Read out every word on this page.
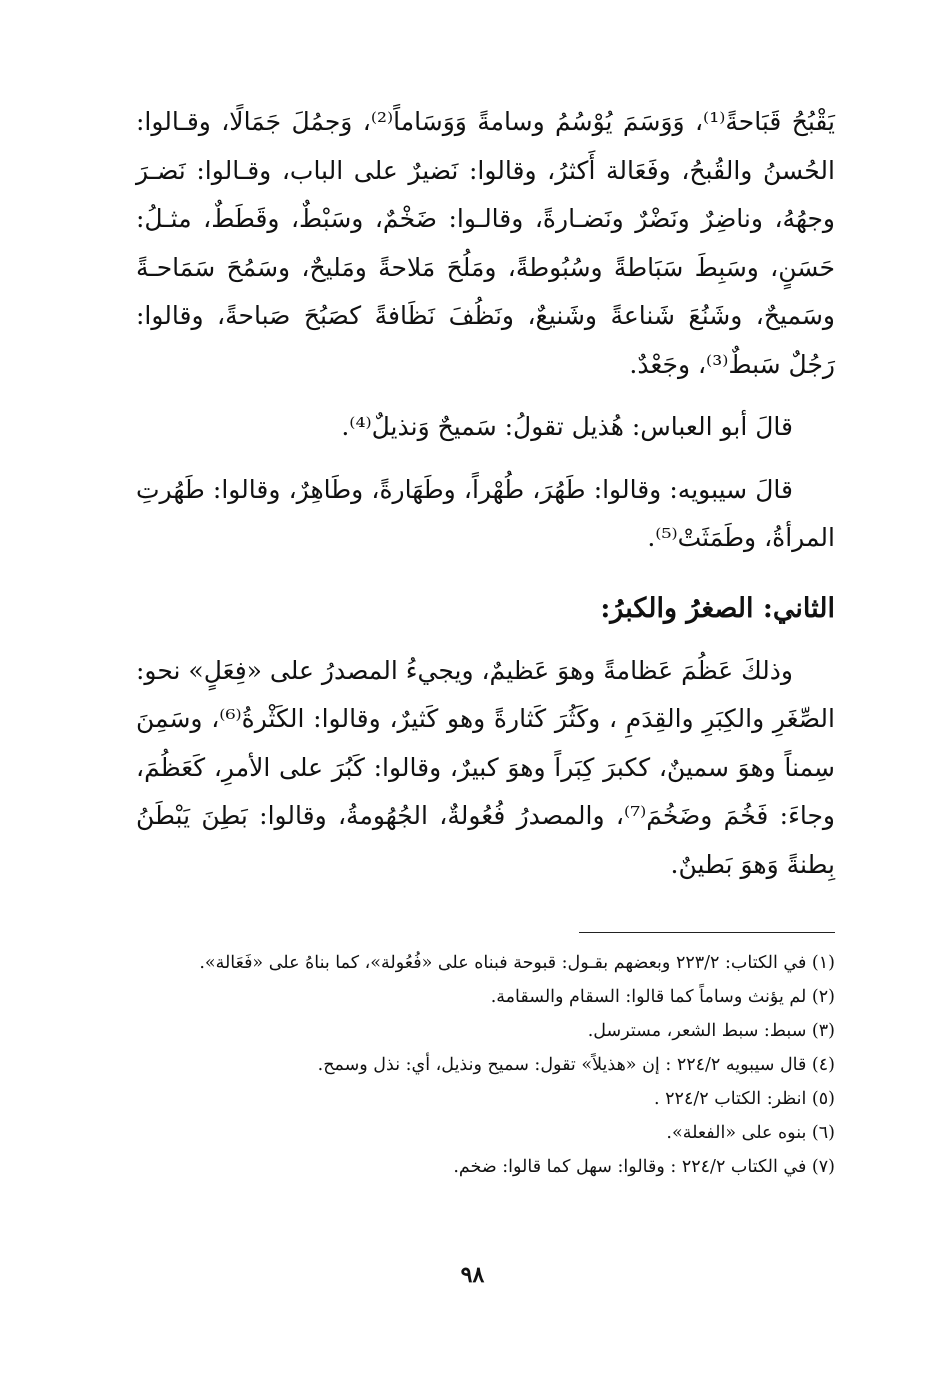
يَقْبُحُ قَبَاحةً⁽¹⁾، وَوَسَمَ يُوْسُمُ وسامةً وَوَسَاماً⁽²⁾، وَجمُلَ جَمَالًا، وقـالوا: الحُسنُ والقُبحُ، وفَعَالة أَكثرُ، وقالوا: نَضيرٌ على الباب، وقـالوا: نَضـرَ وجهُهُ، وناضِرٌ ونَضْرٌ ونَضـارةً، وقالـوا: ضَخْمٌ، وسَبْطٌ، وقَطَطٌ، مثـلُ: حَسَنٍ، وسَبِطَ سَبَاطةً وسُبُوطةً، ومَلُحَ مَلاحةً ومَليحٌ، وسَمُحَ سَمَاحـةً وسَميحٌ، وشَنُعَ شَناعةً وشَنيعٌ، ونَظُفَ نَظَافةً كصَبُحَ صَباحةً، وقالوا: رَجُلٌ سَبطٌ⁽³⁾، وجَعْدٌ.

قالَ أبو العباس: هُذيل تقولُ: سَميحٌ وَنذيلٌ⁽⁴⁾.

قالَ سيبويه: وقالوا: طَهُرَ، طُهْراً، وطَهَارةً، وطَاهِرٌ، وقالوا: طَهُرتِ المرأةُ، وطَمَثَتْ⁽⁵⁾.

الثاني: الصغرُ والكبرُ:

وذلكَ عَظُمَ عَظامةً وهوَ عَظيمٌ، ويجيءُ المصدرُ على «فِعَلٍ» نحو: الصِّغَرِ والكِبَرِ والقِدَمِ ، وكَثُرَ كَثارةً وهو كَثيرٌ، وقالوا: الكَثْرةُ⁽⁶⁾، وسَمِنَ سِمناً وهوَ سمينٌ، ككبرَ كِبَراً وهوَ كبيرٌ، وقالوا: كَبُرَ على الأمرِ، كَعَظُمَ، وجاءَ: فَخُمَ وضَخُمَ⁽⁷⁾، والمصدرُ فُعُولةٌ، الجُهُومةُ، وقالوا: بَطِنَ يَبْطَنُ بِطنةً وَهوَ بَطينٌ.

(١) في الكتاب: ٢٢٣/٢ وبعضهم بقـول: قبوحة فبناه على «فُعُولة»، كما بناهُ على «فَعَالة».

(٢) لم يؤنث وساماً كما قالوا: السقام والسقامة.

(٣) سبط: سبط الشعر، مسترسل.

(٤) قال سيبويه ٢٢٤/٢ : إن «هذيلاً» تقول: سميح ونذيل، أي: نذل وسمح.

(٥) انظر: الكتاب ٢٢٤/٢ .

(٦) بنوه على «الفعلة».

(٧) في الكتاب ٢٢٤/٢ : وقالوا: سهل كما قالوا: ضخم.

٩٨
